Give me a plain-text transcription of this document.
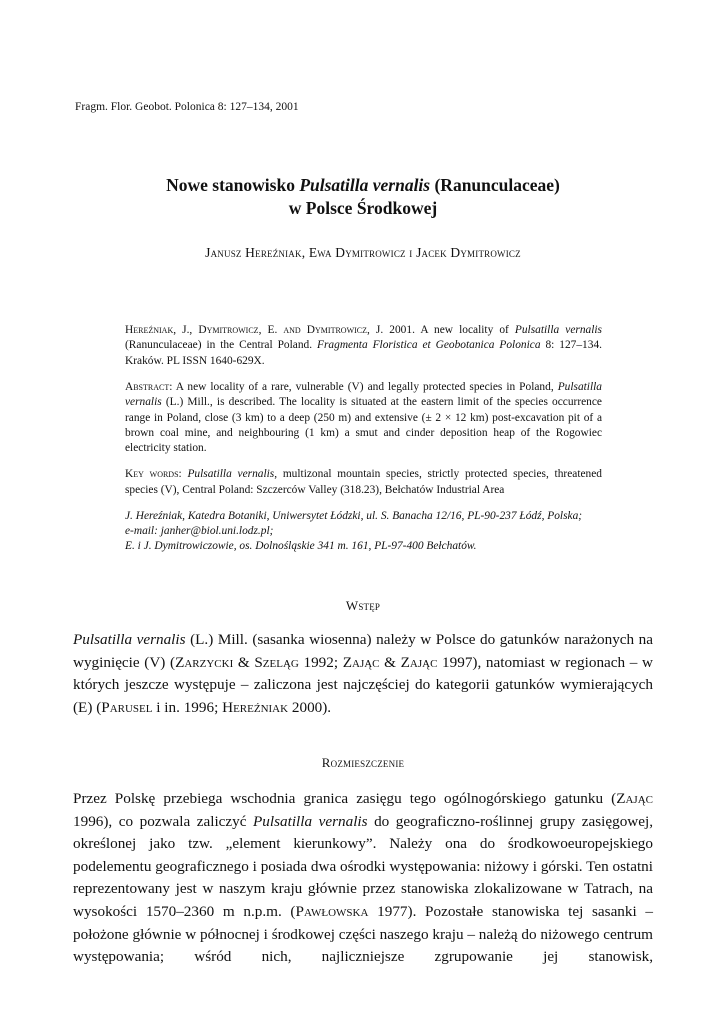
Fragm. Flor. Geobot. Polonica 8: 127–134, 2001
Nowe stanowisko Pulsatilla vernalis (Ranunculaceae)
w Polsce Środkowej
Janusz Hereźniak, Ewa Dymitrowicz i Jacek Dymitrowicz

Hereźniak, J., Dymitrowicz, E. and Dymitrowicz, J. 2001. A new locality of Pulsatilla vernalis (Ranunculaceae) in the Central Poland. Fragmenta Floristica et Geobotanica Polonica 8: 127–134. Kraków. PL ISSN 1640-629X.

Abstract: A new locality of a rare, vulnerable (V) and legally protected species in Poland, Pulsatilla vernalis (L.) Mill., is described. The locality is situated at the eastern limit of the species occurrence range in Poland, close (3 km) to a deep (250 m) and extensive (± 2 × 12 km) post-excavation pit of a brown coal mine, and neighbouring (1 km) a smut and cinder deposition heap of the Rogowiec electricity station.

Key words: Pulsatilla vernalis, multizonal mountain species, strictly protected species, threatened species (V), Central Poland: Szczerców Valley (318.23), Bełchatów Industrial Area

J. Hereźniak, Katedra Botaniki, Uniwersytet Łódzki, ul. S. Banacha 12/16, PL-90-237 Łódź, Polska;

e-mail: janher@biol.uni.lodz.pl;

E. i J. Dymitrowiczowie, os. Dolnośląskie 341 m. 161, PL-97-400 Bełchatów.

Wstęp

Pulsatilla vernalis (L.) Mill. (sasanka wiosenna) należy w Polsce do gatunków narażonych na wyginięcie (V) (Zarzycki & Szeląg 1992; Zając & Zając 1997), natomiast w regionach – w których jeszcze występuje – zaliczona jest najczęściej do kategorii gatunków wymierających (E) (Parusel i in. 1996; Hereźniak 2000).

Rozmieszczenie

Przez Polskę przebiega wschodnia granica zasięgu tego ogólnogórskiego gatunku (Zając 1996), co pozwala zaliczyć Pulsatilla vernalis do geograficzno-roślinnej grupy zasięgowej, określonej jako tzw. „element kierunkowy”. Należy ona do środkowoeuropejskiego podelementu geograficznego i posiada dwa ośrodki występowania: niżowy i górski. Ten ostatni reprezentowany jest w naszym kraju głównie przez stanowiska zlokalizowane w Tatrach, na wysokości 1570–2360 m n.p.m. (Pawłowska 1977). Pozostałe stanowiska tej sasanki – położone głównie w północnej i środkowej części naszego kraju – należą do niżowego centrum występowania; wśród nich, najliczniejsze zgrupowanie jej stanowisk,
